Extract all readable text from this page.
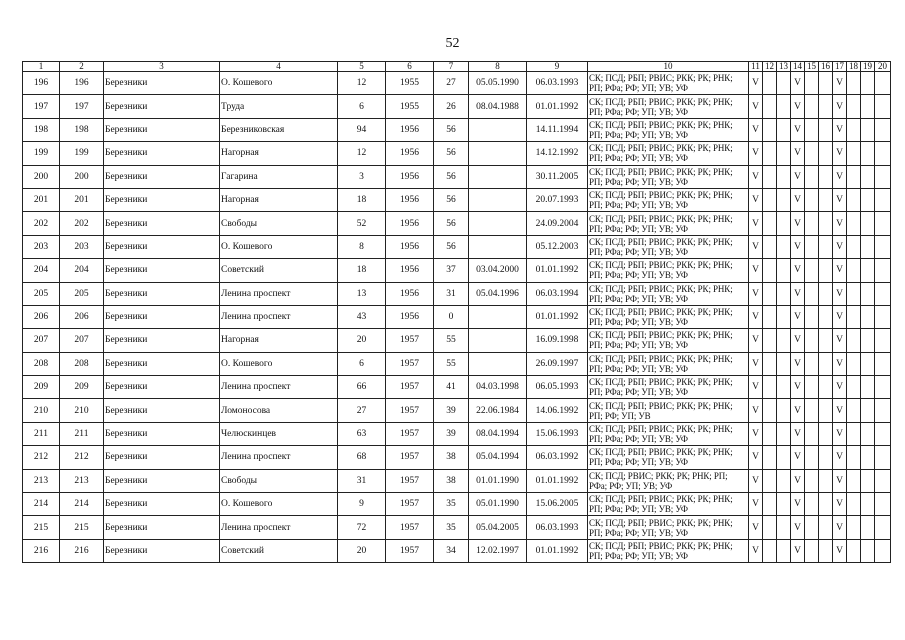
52
1	2	3	4	5	6	7	8	9	10	11	12	13	14	15	16	17	18	19	20
196	196	Березники	О. Кошевого	12	1955	27	05.05.1990	06.03.1993	СК; ПСД; РБП; РВИС; РКК; РК; РНК; РП; РФа; РФ; УП; УВ; УФ	V			V			V			
197	197	Березники	Труда	6	1955	26	08.04.1988	01.01.1992	СК; ПСД; РБП; РВИС; РКК; РК; РНК; РП; РФа; РФ; УП; УВ; УФ	V			V			V			
198	198	Березники	Березниковская	94	1956	56		14.11.1994	СК; ПСД; РБП; РВИС; РКК; РК; РНК; РП; РФа; РФ; УП; УВ; УФ	V			V			V			
199	199	Березники	Нагорная	12	1956	56		14.12.1992	СК; ПСД; РБП; РВИС; РКК; РК; РНК; РП; РФа; РФ; УП; УВ; УФ	V			V			V			
200	200	Березники	Гагарина	3	1956	56		30.11.2005	СК; ПСД; РБП; РВИС; РКК; РК; РНК; РП; РФа; РФ; УП; УВ; УФ	V			V			V			
201	201	Березники	Нагорная	18	1956	56		20.07.1993	СК; ПСД; РБП; РВИС; РКК; РК; РНК; РП; РФа; РФ; УП; УВ; УФ	V			V			V			
202	202	Березники	Свободы	52	1956	56		24.09.2004	СК; ПСД; РБП; РВИС; РКК; РК; РНК; РП; РФа; РФ; УП; УВ; УФ	V			V			V			
203	203	Березники	О. Кошевого	8	1956	56		05.12.2003	СК; ПСД; РБП; РВИС; РКК; РК; РНК; РП; РФа; РФ; УП; УВ; УФ	V			V			V			
204	204	Березники	Советский	18	1956	37	03.04.2000	01.01.1992	СК; ПСД; РБП; РВИС; РКК; РК; РНК; РП; РФа; РФ; УП; УВ; УФ	V			V			V			
205	205	Березники	Ленина проспект	13	1956	31	05.04.1996	06.03.1994	СК; ПСД; РБП; РВИС; РКК; РК; РНК; РП; РФа; РФ; УП; УВ; УФ	V			V			V			
206	206	Березники	Ленина проспект	43	1956	0		01.01.1992	СК; ПСД; РБП; РВИС; РКК; РК; РНК; РП; РФа; РФ; УП; УВ; УФ	V			V			V			
207	207	Березники	Нагорная	20	1957	55		16.09.1998	СК; ПСД; РБП; РВИС; РКК; РК; РНК; РП; РФа; РФ; УП; УВ; УФ	V			V			V			
208	208	Березники	О. Кошевого	6	1957	55		26.09.1997	СК; ПСД; РБП; РВИС; РКК; РК; РНК; РП; РФа; РФ; УП; УВ; УФ	V			V			V			
209	209	Березники	Ленина проспект	66	1957	41	04.03.1998	06.05.1993	СК; ПСД; РБП; РВИС; РКК; РК; РНК; РП; РФа; РФ; УП; УВ; УФ	V			V			V			
210	210	Березники	Ломоносова	27	1957	39	22.06.1984	14.06.1992	СК; ПСД; РБП; РВИС; РКК; РК; РНК; РП; РФ; УП; УВ	V			V			V			
211	211	Березники	Челюскинцев	63	1957	39	08.04.1994	15.06.1993	СК; ПСД; РБП; РВИС; РКК; РК; РНК; РП; РФа; РФ; УП; УВ; УФ	V			V			V			
212	212	Березники	Ленина проспект	68	1957	38	05.04.1994	06.03.1992	СК; ПСД; РБП; РВИС; РКК; РК; РНК; РП; РФа; РФ; УП; УВ; УФ	V			V			V			
213	213	Березники	Свободы	31	1957	38	01.01.1990	01.01.1992	СК; ПСД; РВИС; РКК; РК; РНК; РП; РФа; РФ; УП; УВ; УФ	V			V			V			
214	214	Березники	О. Кошевого	9	1957	35	05.01.1990	15.06.2005	СК; ПСД; РБП; РВИС; РКК; РК; РНК; РП; РФа; РФ; УП; УВ; УФ	V			V			V			
215	215	Березники	Ленина проспект	72	1957	35	05.04.2005	06.03.1993	СК; ПСД; РБП; РВИС; РКК; РК; РНК; РП; РФа; РФ; УП; УВ; УФ	V			V			V			
216	216	Березники	Советский	20	1957	34	12.02.1997	01.01.1992	СК; ПСД; РБП; РВИС; РКК; РК; РНК; РП; РФа; РФ; УП; УВ; УФ	V			V			V			
